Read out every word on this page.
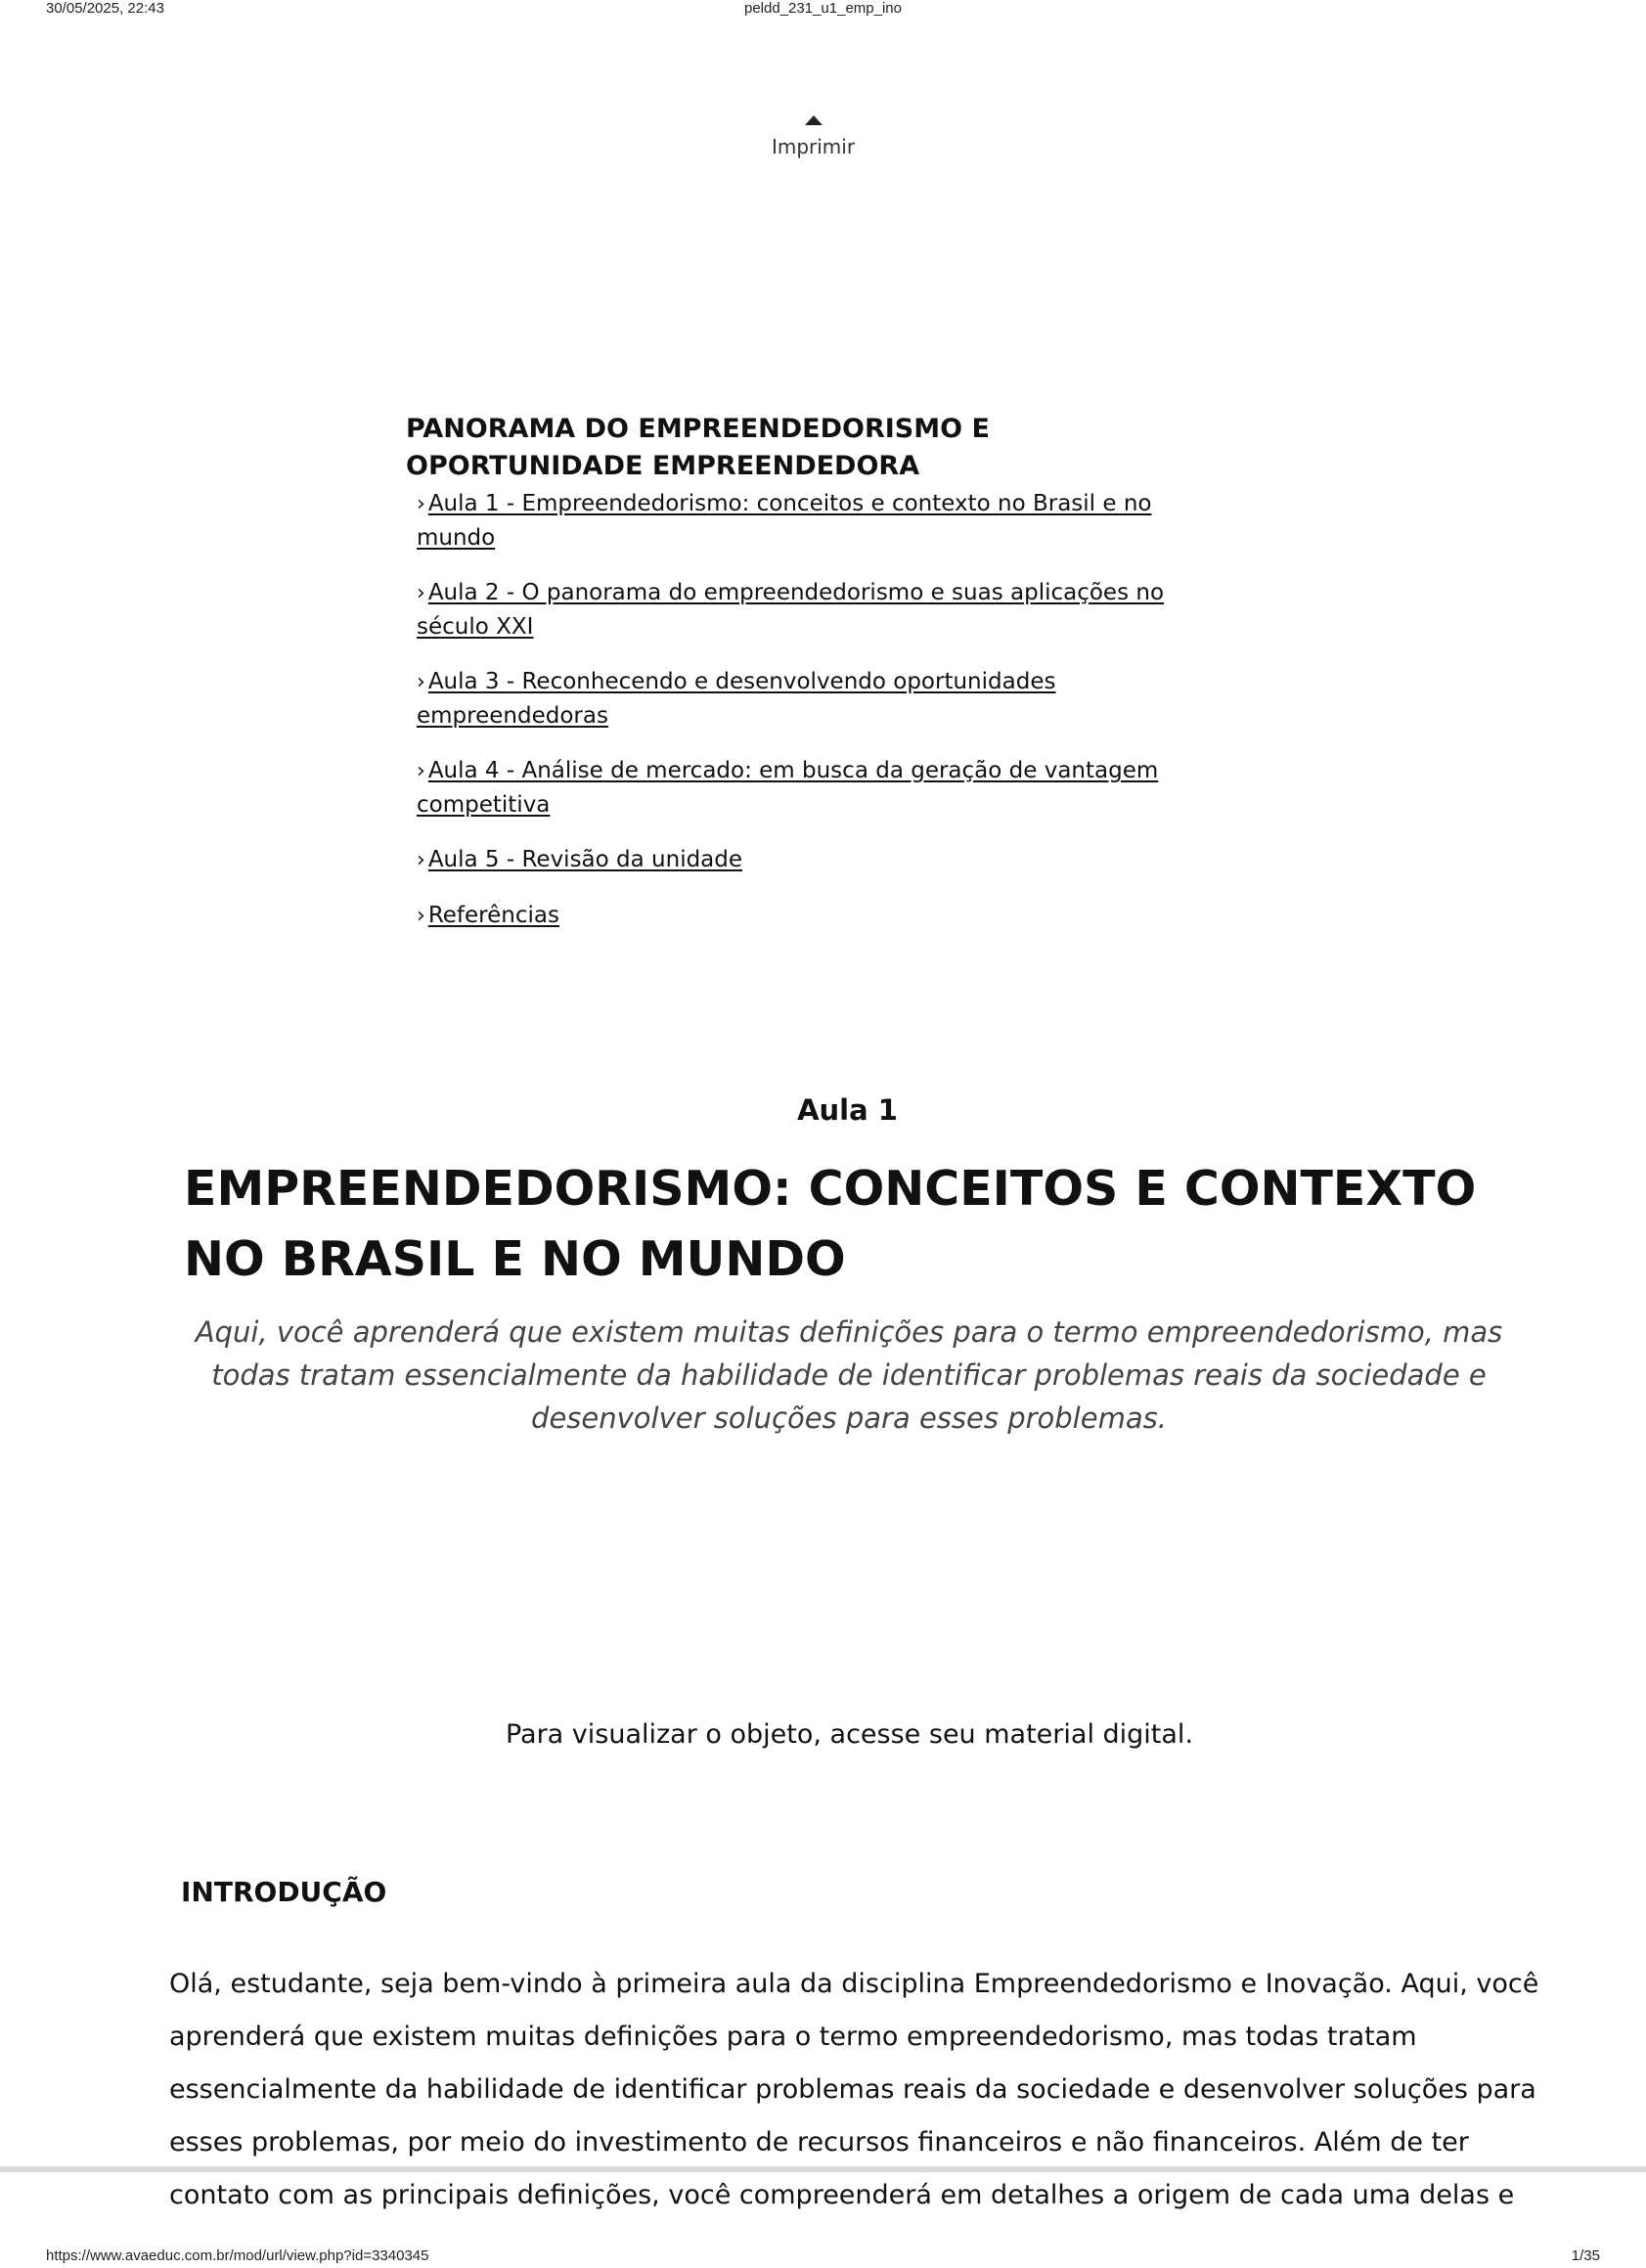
30/05/2025, 22:43	peldd_231_u1_emp_ino
Imprimir
PANORAMA DO EMPREENDEDORISMO E OPORTUNIDADE EMPREENDEDORA
› Aula 1 - Empreendedorismo: conceitos e contexto no Brasil e no mundo
› Aula 2 - O panorama do empreendedorismo e suas aplicações no século XXI
› Aula 3 - Reconhecendo e desenvolvendo oportunidades empreendedoras
› Aula 4 - Análise de mercado: em busca da geração de vantagem competitiva
› Aula 5 - Revisão da unidade
› Referências
Aula 1
EMPREENDEDORISMO: CONCEITOS E CONTEXTO NO BRASIL E NO MUNDO
Aqui, você aprenderá que existem muitas definições para o termo empreendedorismo, mas todas tratam essencialmente da habilidade de identificar problemas reais da sociedade e desenvolver soluções para esses problemas.
Para visualizar o objeto, acesse seu material digital.
INTRODUÇÃO

Olá, estudante, seja bem-vindo à primeira aula da disciplina Empreendedorismo e Inovação. Aqui, você aprenderá que existem muitas definições para o termo empreendedorismo, mas todas tratam essencialmente da habilidade de identificar problemas reais da sociedade e desenvolver soluções para esses problemas, por meio do investimento de recursos financeiros e não financeiros. Além de ter contato com as principais definições, você compreenderá em detalhes a origem de cada uma delas e

https://www.avaeduc.com.br/mod/url/view.php?id=3340345	1/35
